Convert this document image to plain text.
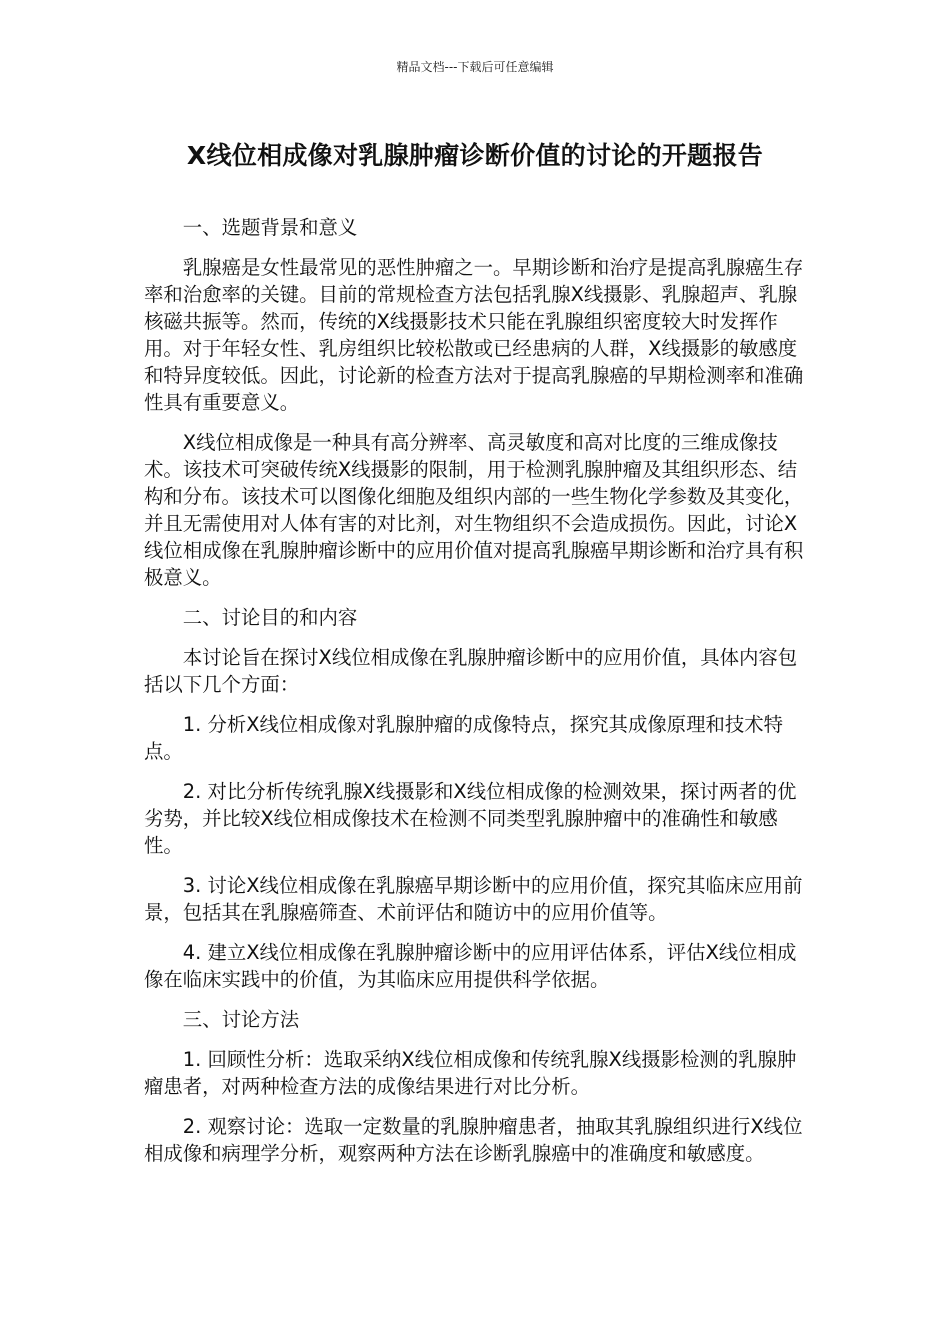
精品文档---下载后可任意编辑
X线位相成像对乳腺肿瘤诊断价值的讨论的开题报告

一、选题背景和意义

乳腺癌是女性最常见的恶性肿瘤之一。早期诊断和治疗是提高乳腺癌生存率和治愈率的关键。目前的常规检查方法包括乳腺X线摄影、乳腺超声、乳腺核磁共振等。然而，传统的X线摄影技术只能在乳腺组织密度较大时发挥作用。对于年轻女性、乳房组织比较松散或已经患病的人群，X线摄影的敏感度和特异度较低。因此，讨论新的检查方法对于提高乳腺癌的早期检测率和准确性具有重要意义。

X线位相成像是一种具有高分辨率、高灵敏度和高对比度的三维成像技术。该技术可突破传统X线摄影的限制，用于检测乳腺肿瘤及其组织形态、结构和分布。该技术可以图像化细胞及组织内部的一些生物化学参数及其变化，并且无需使用对人体有害的对比剂，对生物组织不会造成损伤。因此，讨论X线位相成像在乳腺肿瘤诊断中的应用价值对提高乳腺癌早期诊断和治疗具有积极意义。

二、讨论目的和内容

本讨论旨在探讨X线位相成像在乳腺肿瘤诊断中的应用价值，具体内容包括以下几个方面：

1. 分析X线位相成像对乳腺肿瘤的成像特点，探究其成像原理和技术特点。

2. 对比分析传统乳腺X线摄影和X线位相成像的检测效果，探讨两者的优劣势，并比较X线位相成像技术在检测不同类型乳腺肿瘤中的准确性和敏感性。

3. 讨论X线位相成像在乳腺癌早期诊断中的应用价值，探究其临床应用前景，包括其在乳腺癌筛查、术前评估和随访中的应用价值等。

4. 建立X线位相成像在乳腺肿瘤诊断中的应用评估体系，评估X线位相成像在临床实践中的价值，为其临床应用提供科学依据。

三、讨论方法

1. 回顾性分析：选取采纳X线位相成像和传统乳腺X线摄影检测的乳腺肿瘤患者，对两种检查方法的成像结果进行对比分析。

2. 观察讨论：选取一定数量的乳腺肿瘤患者，抽取其乳腺组织进行X线位相成像和病理学分析，观察两种方法在诊断乳腺癌中的准确度和敏感度。
